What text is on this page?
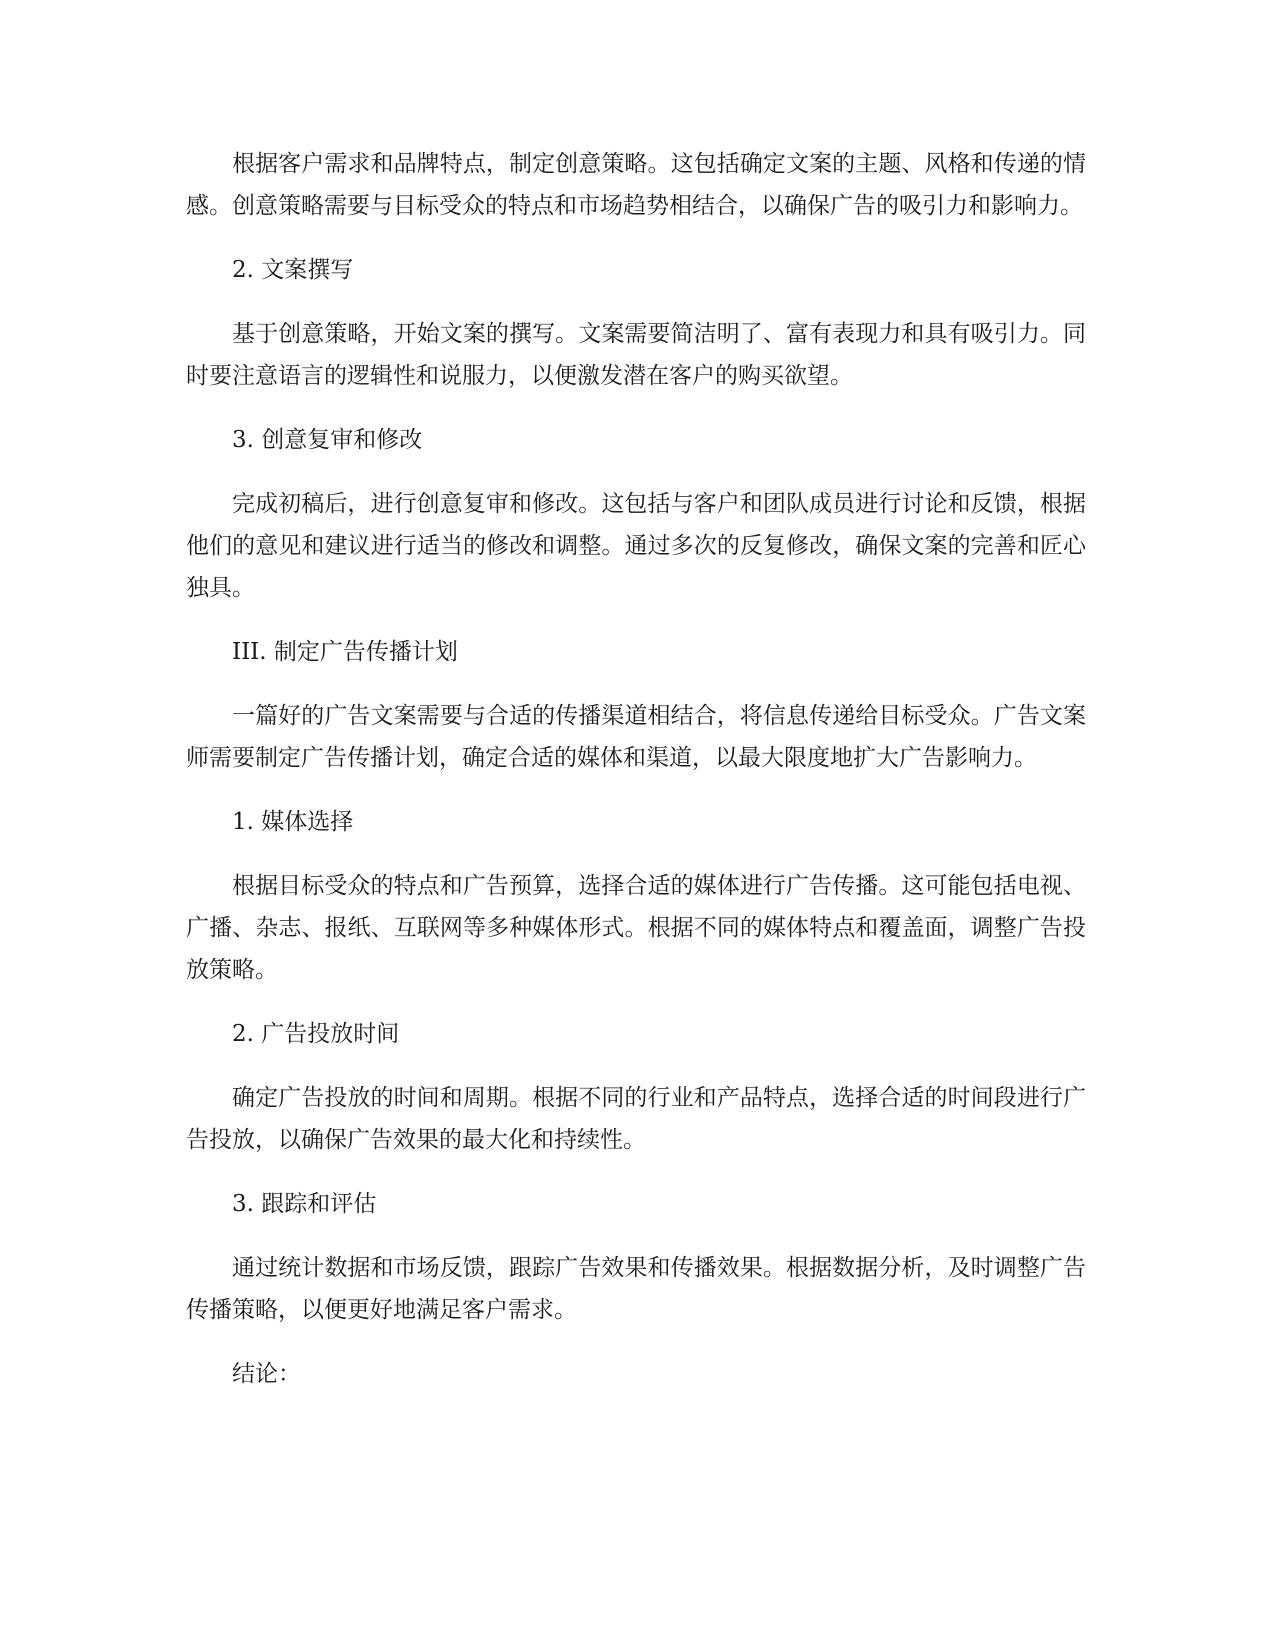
根据客户需求和品牌特点，制定创意策略。这包括确定文案的主题、风格和传递的情感。创意策略需要与目标受众的特点和市场趋势相结合，以确保广告的吸引力和影响力。

2. 文案撰写

基于创意策略，开始文案的撰写。文案需要简洁明了、富有表现力和具有吸引力。同时要注意语言的逻辑性和说服力，以便激发潜在客户的购买欲望。

3. 创意复审和修改

完成初稿后，进行创意复审和修改。这包括与客户和团队成员进行讨论和反馈，根据他们的意见和建议进行适当的修改和调整。通过多次的反复修改，确保文案的完善和匠心独具。

III. 制定广告传播计划

一篇好的广告文案需要与合适的传播渠道相结合，将信息传递给目标受众。广告文案师需要制定广告传播计划，确定合适的媒体和渠道，以最大限度地扩大广告影响力。

1. 媒体选择

根据目标受众的特点和广告预算，选择合适的媒体进行广告传播。这可能包括电视、广播、杂志、报纸、互联网等多种媒体形式。根据不同的媒体特点和覆盖面，调整广告投放策略。

2. 广告投放时间

确定广告投放的时间和周期。根据不同的行业和产品特点，选择合适的时间段进行广告投放，以确保广告效果的最大化和持续性。

3. 跟踪和评估

通过统计数据和市场反馈，跟踪广告效果和传播效果。根据数据分析，及时调整广告传播策略，以便更好地满足客户需求。

结论：
